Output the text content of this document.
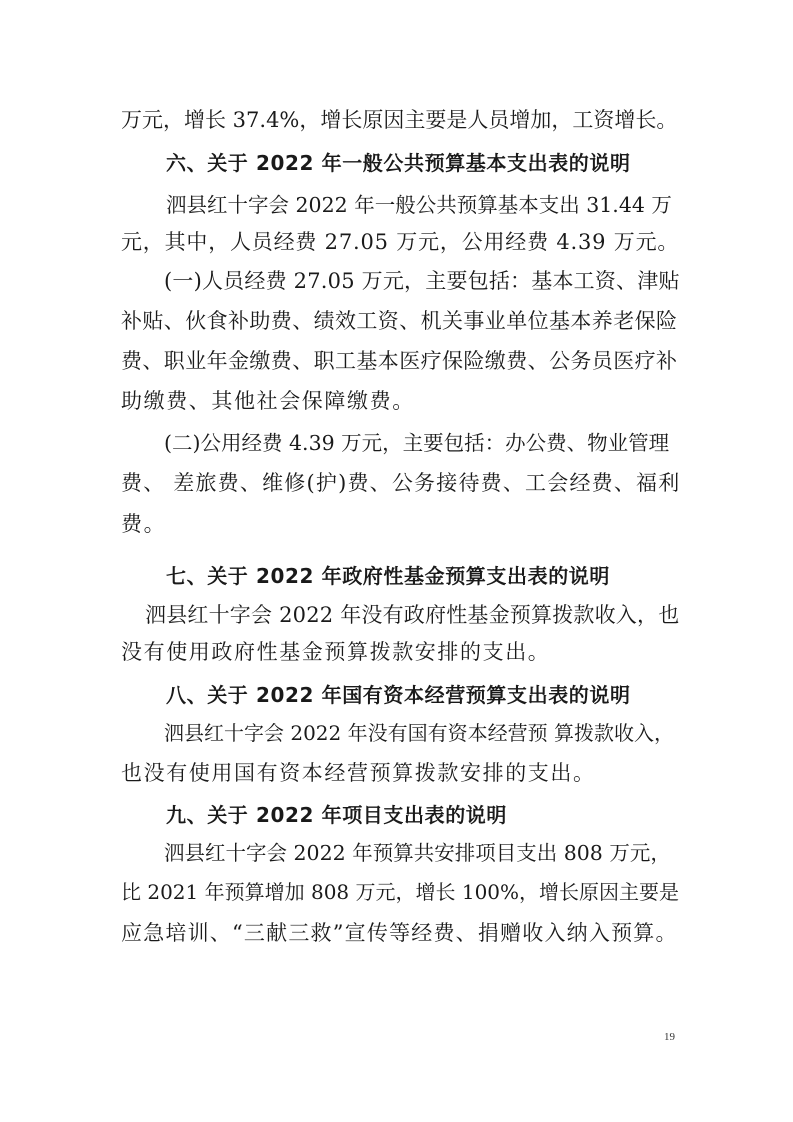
万元，增长 37.4%，增长原因主要是人员增加，工资增长。
六、关于 2022 年一般公共预算基本支出表的说明
泗县红十字会 2022 年一般公共预算基本支出 31.44 万
元，其中，人员经费 27.05 万元，公用经费 4.39 万元。
(一)人员经费 27.05 万元，主要包括：基本工资、津贴
补贴、伙食补助费、绩效工资、机关事业单位基本养老保险
费、职业年金缴费、职工基本医疗保险缴费、公务员医疗补
助缴费、其他社会保障缴费。
(二)公用经费 4.39 万元，主要包括：办公费、物业管理
费、 差旅费、维修(护)费、公务接待费、工会经费、福利
费。
七、关于 2022 年政府性基金预算支出表的说明
泗县红十字会 2022 年没有政府性基金预算拨款收入，也
没有使用政府性基金预算拨款安排的支出。
八、关于 2022 年国有资本经营预算支出表的说明
泗县红十字会 2022 年没有国有资本经营预 算拨款收入，
也没有使用国有资本经营预算拨款安排的支出。
九、关于 2022 年项目支出表的说明
泗县红十字会 2022 年预算共安排项目支出 808 万元，
比 2021 年预算增加 808 万元，增长 100%，增长原因主要是
应急培训、“三献三救”宣传等经费、捐赠收入纳入预算。
19
